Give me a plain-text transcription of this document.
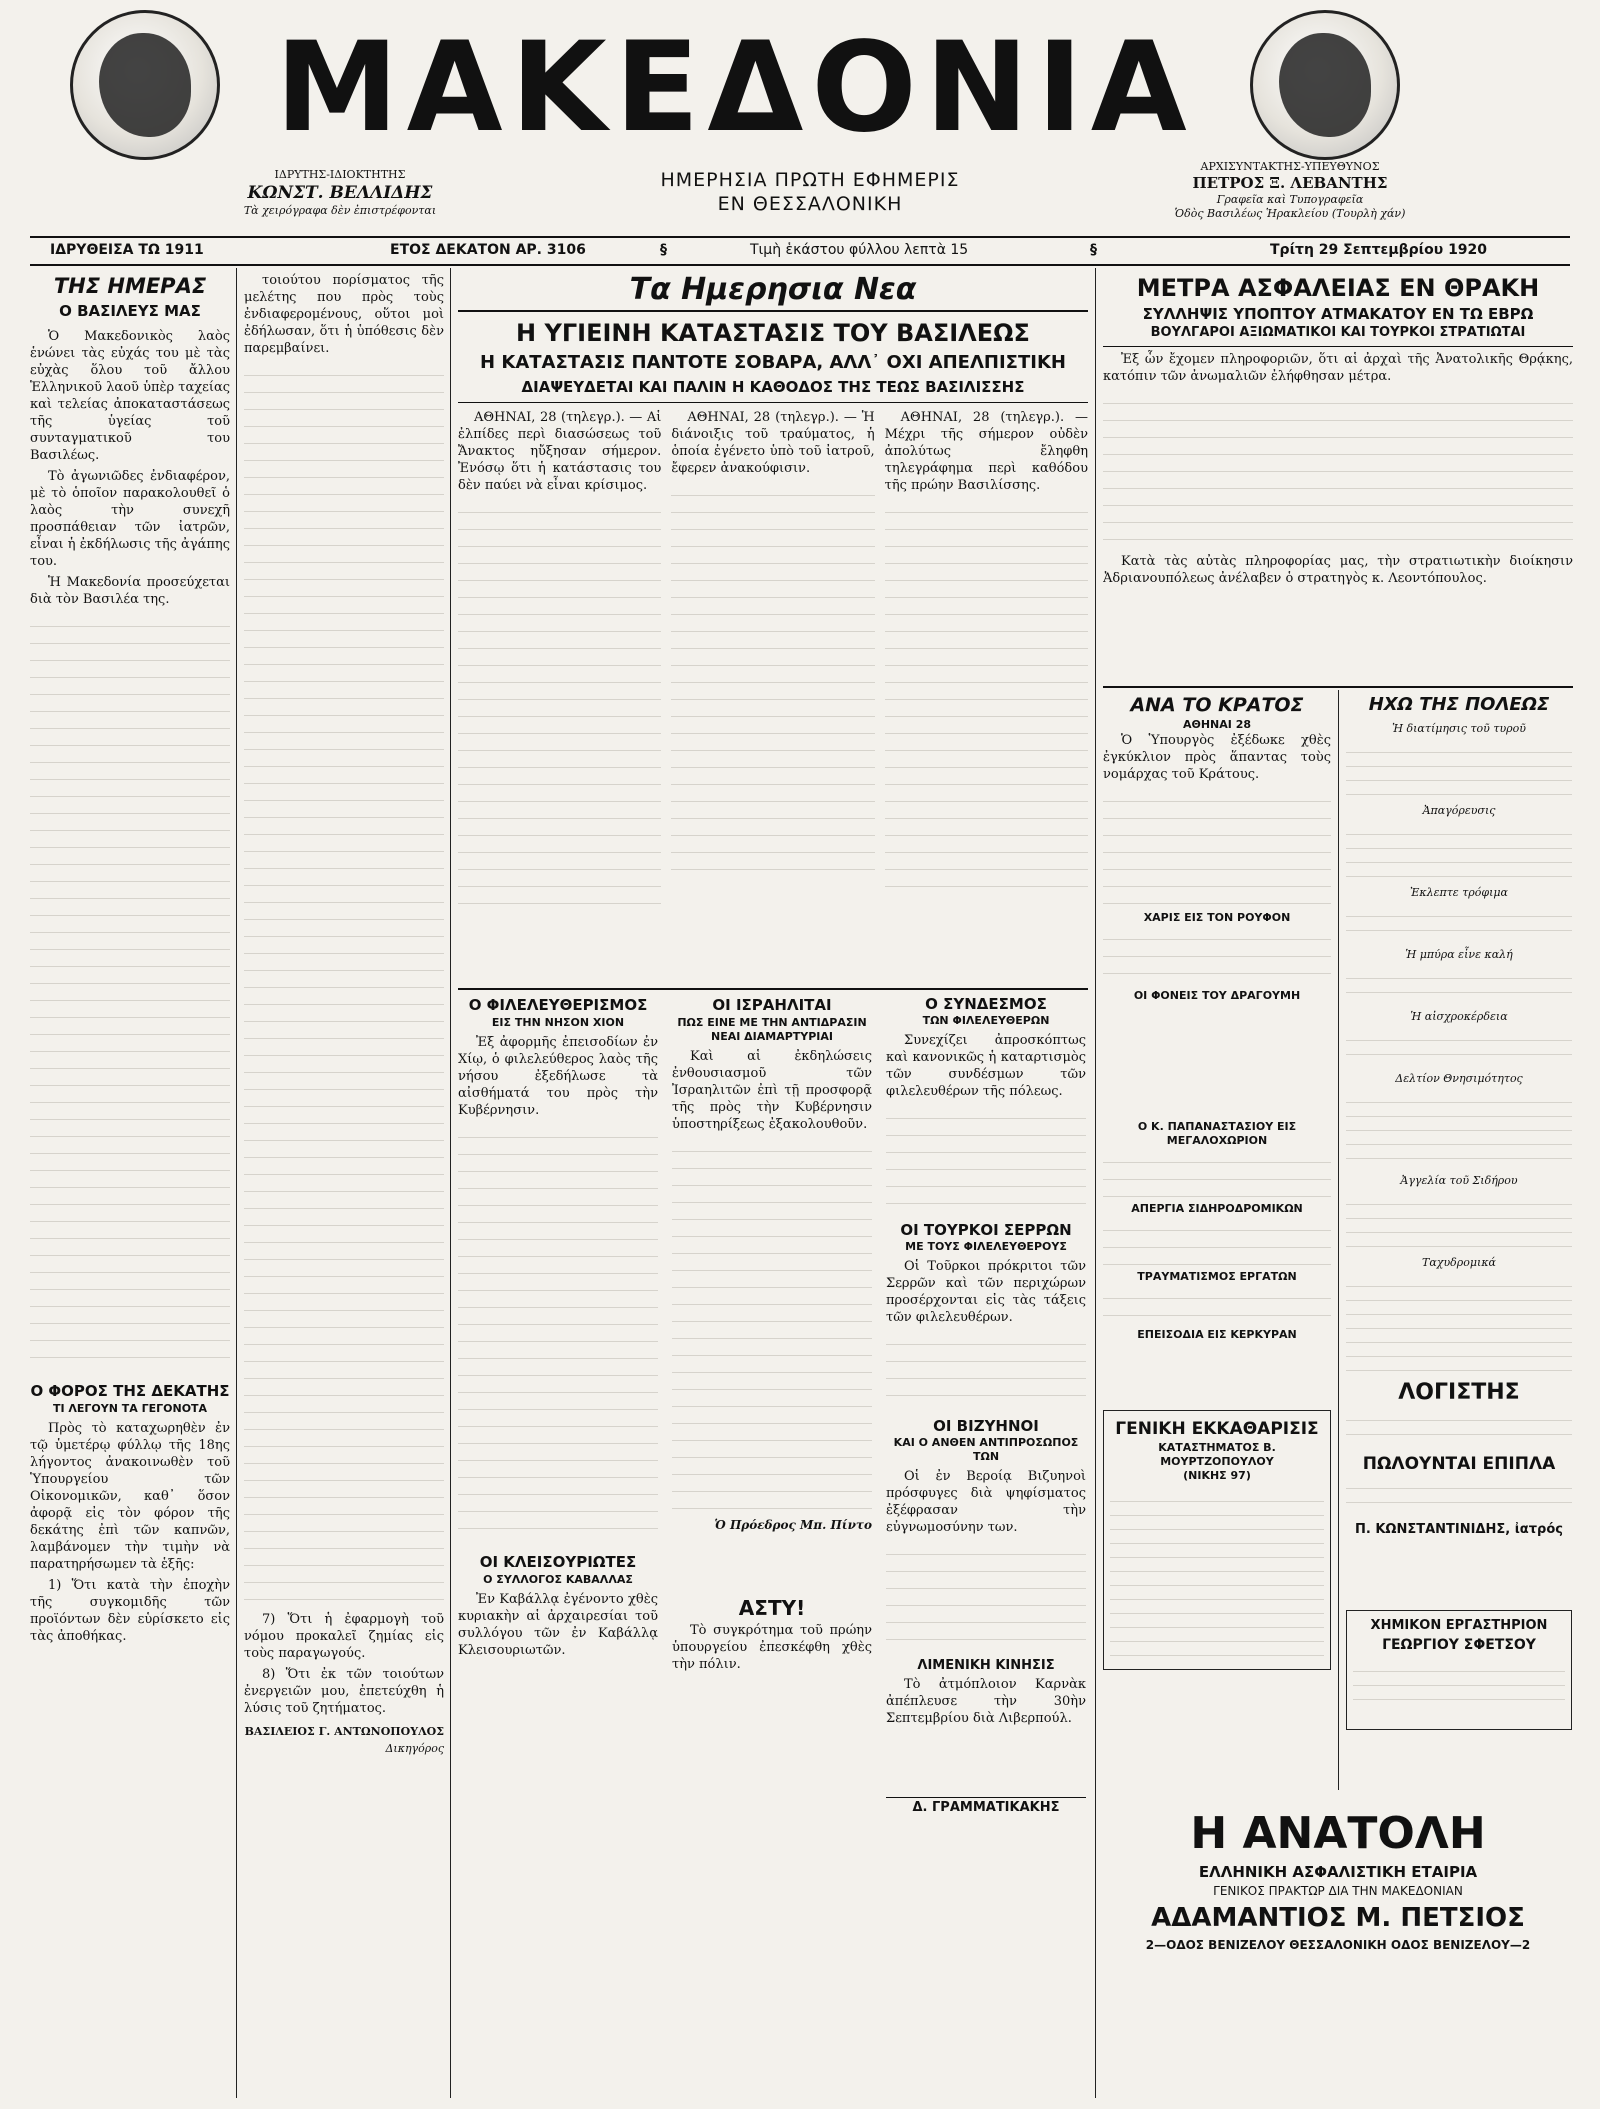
ΜΑΚΕΔΟΝΙΑ
ΙΔΡΥΤΗΣ-ΙΔΙΟΚΤΗΤΗΣ
ΚΩΝΣΤ. ΒΕΛΛΙΔΗΣ
Τὰ χειρόγραφα δὲν ἐπιστρέφονται
ΗΜΕΡΗΣΙΑ ΠΡΩΤΗ ΕΦΗΜΕΡΙΣ
ΕΝ ΘΕΣΣΑΛΟΝΙΚΗ
ΑΡΧΙΣΥΝΤΑΚΤΗΣ-ΥΠΕΥΘΥΝΟΣ
ΠΕΤΡΟΣ Ξ. ΛΕΒΑΝΤΗΣ
Γραφεῖα καὶ Τυπογραφεῖα
Ὁδὸς Βασιλέως Ἡρακλείου (Τουρλὴ χάν)
ΙΔΡΥΘΕΙΣΑ ΤΩ 1911	ΕΤΟΣ ΔΕΚΑΤΟΝ ΑΡ. 3106	§	Τιμὴ ἑκάστου φύλλου λεπτὰ 15	§	Τρίτη 29 Σεπτεμβρίου 1920
ΤΗΣ ΗΜΕΡΑΣ
Ο ΒΑΣΙΛΕΥΣ ΜΑΣ

Ὁ Μακεδονικὸς λαὸς ἑνώνει τὰς εὐχάς του μὲ τὰς εὐχὰς ὅλου τοῦ ἄλλου Ἑλληνικοῦ λαοῦ ὑπὲρ ταχείας καὶ τελείας ἀποκαταστάσεως τῆς ὑγείας τοῦ συνταγματικοῦ του Βασιλέως.

Τὸ ἀγωνιῶδες ἐνδιαφέρον, μὲ τὸ ὁποῖον παρακολουθεῖ ὁ λαὸς τὴν συνεχῆ προσπάθειαν τῶν ἰατρῶν, εἶναι ἡ ἐκδήλωσις τῆς ἀγάπης του.

Ἡ Μακεδονία προσεύχεται διὰ τὸν Βασιλέα της.

Ο ΦΟΡΟΣ ΤΗΣ ΔΕΚΑΤΗΣ
ΤΙ ΛΕΓΟΥΝ ΤΑ ΓΕΓΟΝΟΤΑ

Πρὸς τὸ καταχωρηθὲν ἐν τῷ ὑμετέρῳ φύλλῳ τῆς 18ης λήγοντος ἀνακοινωθὲν τοῦ Ὑπουργείου τῶν Οἰκονομικῶν, καθ᾽ ὅσον ἀφορᾷ εἰς τὸν φόρον τῆς δεκάτης ἐπὶ τῶν καπνῶν, λαμβάνομεν τὴν τιμὴν νὰ παρατηρήσωμεν τὰ ἑξῆς:

1) Ὅτι κατὰ τὴν ἐποχὴν τῆς συγκομιδῆς τῶν προϊόντων δὲν εὑρίσκετο εἰς τὰς ἀποθήκας.

τοιούτου πορίσματος τῆς μελέτης που πρὸς τοὺς ἐνδιαφερομένους, οὕτοι μοὶ ἐδήλωσαν, ὅτι ἡ ὑπόθεσις δὲν παρεμβαίνει.

7) Ὅτι ἡ ἐφαρμογὴ τοῦ νόμου προκαλεῖ ζημίας εἰς τοὺς παραγωγούς.

8) Ὅτι ἐκ τῶν τοιούτων ἐνεργειῶν μου, ἐπετεύχθη ἡ λύσις τοῦ ζητήματος.

ΒΑΣΙΛΕΙΟΣ Γ. ΑΝΤΩΝΟΠΟΥΛΟΣ
Δικηγόρος
Τα Ημερησια Νεα
Η ΥΓΙΕΙΝΗ ΚΑΤΑΣΤΑΣΙΣ ΤΟΥ ΒΑΣΙΛΕΩΣ
Η ΚΑΤΑΣΤΑΣΙΣ ΠΑΝΤΟΤΕ ΣΟΒΑΡΑ, ΑΛΛ᾽ ΟΧΙ ΑΠΕΛΠΙΣΤΙΚΗ
ΔΙΑΨΕΥΔΕΤΑΙ ΚΑΙ ΠΑΛΙΝ Η ΚΑΘΟΔΟΣ ΤΗΣ ΤΕΩΣ ΒΑΣΙΛΙΣΣΗΣ

ΑΘΗΝΑΙ, 28 (τηλεγρ.). — Αἱ ἐλπίδες περὶ διασώσεως τοῦ Ἄνακτος ηὔξησαν σήμερον. Ἐνόσῳ ὅτι ἡ κατάστασις του δὲν παύει νὰ εἶναι κρίσιμος.

ΑΘΗΝΑΙ, 28 (τηλεγρ.). — Ἡ διάνοιξις τοῦ τραύματος, ἡ ὁποία ἐγένετο ὑπὸ τοῦ ἰατροῦ, ἔφερεν ἀνακούφισιν.

ΑΘΗΝΑΙ, 28 (τηλεγρ.). — Μέχρι τῆς σήμερον οὐδὲν ἀπολύτως ἔληφθη τηλεγράφημα περὶ καθόδου τῆς πρώην Βασιλίσσης.

Ο ΦΙΛΕΛΕΥΘΕΡΙΣΜΟΣ
ΕΙΣ ΤΗΝ ΝΗΣΟΝ ΧΙΟΝ

Ἐξ ἀφορμῆς ἐπεισοδίων ἐν Χίῳ, ὁ φιλελεύθερος λαὸς τῆς νήσου ἐξεδήλωσε τὰ αἰσθήματά του πρὸς τὴν Κυβέρνησιν.

ΟΙ ΚΛΕΙΣΟΥΡΙΩΤΕΣ
Ο ΣΥΛΛΟΓΟΣ ΚΑΒΑΛΛΑΣ

Ἐν Καβάλλᾳ ἐγένοντο χθὲς κυριακὴν αἱ ἀρχαιρεσίαι τοῦ συλλόγου τῶν ἐν Καβάλλᾳ Κλεισουριωτῶν.

ΟΙ ΙΣΡΑΗΛΙΤΑΙ
ΠΩΣ ΕΙΝΕ ΜΕ ΤΗΝ ΑΝΤΙΔΡΑΣΙΝ
ΝΕΑΙ ΔΙΑΜΑΡΤΥΡΙΑΙ

Καὶ αἱ ἐκδηλώσεις ἐνθουσιασμοῦ τῶν Ἰσραηλιτῶν ἐπὶ τῇ προσφορᾷ τῆς πρὸς τὴν Κυβέρνησιν ὑποστηρίξεως ἐξακολουθοῦν.

Ὁ Πρόεδρος Μπ. Πίντο
ΑΣΤΥ!

Τὸ συγκρότημα τοῦ πρώην ὑπουργείου ἐπεσκέφθη χθὲς τὴν πόλιν.

Ο ΣΥΝΔΕΣΜΟΣ
ΤΩΝ ΦΙΛΕΛΕΥΘΕΡΩΝ

Συνεχίζει ἀπροσκόπτως καὶ κανονικῶς ἡ καταρτισμὸς τῶν συνδέσμων τῶν φιλελευθέρων τῆς πόλεως.

ΟΙ ΤΟΥΡΚΟΙ ΣΕΡΡΩΝ
ΜΕ ΤΟΥΣ ΦΙΛΕΛΕΥΘΕΡΟΥΣ

Οἱ Τοῦρκοι πρόκριτοι τῶν Σερρῶν καὶ τῶν περιχώρων προσέρχονται εἰς τὰς τάξεις τῶν φιλελευθέρων.

ΟΙ ΒΙΖΥΗΝΟΙ
ΚΑΙ Ο ΑΝΘΕΝ ΑΝΤΙΠΡΟΣΩΠΟΣ ΤΩΝ

Οἱ ἐν Βεροίᾳ Βιζυηνοὶ πρόσφυγες διὰ ψηφίσματος ἐξέφρασαν τὴν εὐγνωμοσύνην των.

ΛΙΜΕΝΙΚΗ ΚΙΝΗΣΙΣ

Τὸ ἀτμόπλοιον Καρνὰκ ἀπέπλευσε τὴν 30ὴν Σεπτεμβρίου διὰ Λιβερπούλ.

Δ. ΓΡΑΜΜΑΤΙΚΑΚΗΣ
ΜΕΤΡΑ ΑΣΦΑΛΕΙΑΣ ΕΝ ΘΡΑΚΗ
ΣΥΛΛΗΨΙΣ ΥΠΟΠΤΟΥ ΑΤΜΑΚΑΤΟΥ ΕΝ ΤΩ ΕΒΡΩ
ΒΟΥΛΓΑΡΟΙ ΑΞΙΩΜΑΤΙΚΟΙ ΚΑΙ ΤΟΥΡΚΟΙ ΣΤΡΑΤΙΩΤΑΙ

Ἐξ ὧν ἔχομεν πληροφοριῶν, ὅτι αἱ ἀρχαὶ τῆς Ἀνατολικῆς Θρᾴκης, κατόπιν τῶν ἀνωμαλιῶν ἐλήφθησαν μέτρα.

Κατὰ τὰς αὐτὰς πληροφορίας μας, τὴν στρατιωτικὴν διοίκησιν Ἀδριανουπόλεως ἀνέλαβεν ὁ στρατηγὸς κ. Λεοντόπουλος.

ΑΝΑ ΤΟ ΚΡΑΤΟΣ
ΑΘΗΝΑΙ 28

Ὁ Ὑπουργὸς ἐξέδωκε χθὲς ἐγκύκλιον πρὸς ἅπαντας τοὺς νομάρχας τοῦ Κράτους.

ΧΑΡΙΣ ΕΙΣ ΤΟΝ ΡΟΥΦΟΝ
ΟΙ ΦΟΝΕΙΣ ΤΟΥ ΔΡΑΓΟΥΜΗ
Ο Κ. ΠΑΠΑΝΑΣΤΑΣΙΟΥ ΕΙΣ ΜΕΓΑΛΟΧΩΡΙΟΝ
ΑΠΕΡΓΙΑ ΣΙΔΗΡΟΔΡΟΜΙΚΩΝ
ΤΡΑΥΜΑΤΙΣΜΟΣ ΕΡΓΑΤΩΝ
ΕΠΕΙΣΟΔΙΑ ΕΙΣ ΚΕΡΚΥΡΑΝ
ΗΧΩ ΤΗΣ ΠΟΛΕΩΣ
Ἡ διατίμησις τοῦ τυροῦ
Ἀπαγόρευσις
Ἐκλεπτε τρόφιμα
Ἡ μπύρα εἶνε καλή
Ἡ αἰσχροκέρδεια
Δελτίον Θνησιμότητος
Ἀγγελία τοῦ Σιδήρου
Ταχυδρομικά
ΛΟΓΙΣΤΗΣ
ΠΩΛΟΥΝΤΑΙ ΕΠΙΠΛΑ
Π. ΚΩΝΣΤΑΝΤΙΝΙΔΗΣ, ἰατρός
ΓΕΝΙΚΗ ΕΚΚΑΘΑΡΙΣΙΣ
ΚΑΤΑΣΤΗΜΑΤΟΣ Β. ΜΟΥΡΤΖΟΠΟΥΛΟΥ
(ΝΙΚΗΣ 97)
ΧΗΜΙΚΟΝ ΕΡΓΑΣΤΗΡΙΟΝ
ΓΕΩΡΓΙΟΥ ΣΦΕΤΣΟΥ
Η ΑΝΑΤΟΛΗ
ΕΛΛΗΝΙΚΗ ΑΣΦΑΛΙΣΤΙΚΗ ΕΤΑΙΡΙΑ
ΓΕΝΙΚΟΣ ΠΡΑΚΤΩΡ ΔΙΑ ΤΗΝ ΜΑΚΕΔΟΝΙΑΝ
ΑΔΑΜΑΝΤΙΟΣ Μ. ΠΕΤΣΙΟΣ
2—ΟΔΟΣ ΒΕΝΙΖΕΛΟΥ ΘΕΣΣΑΛΟΝΙΚΗ ΟΔΟΣ ΒΕΝΙΖΕΛΟΥ—2
